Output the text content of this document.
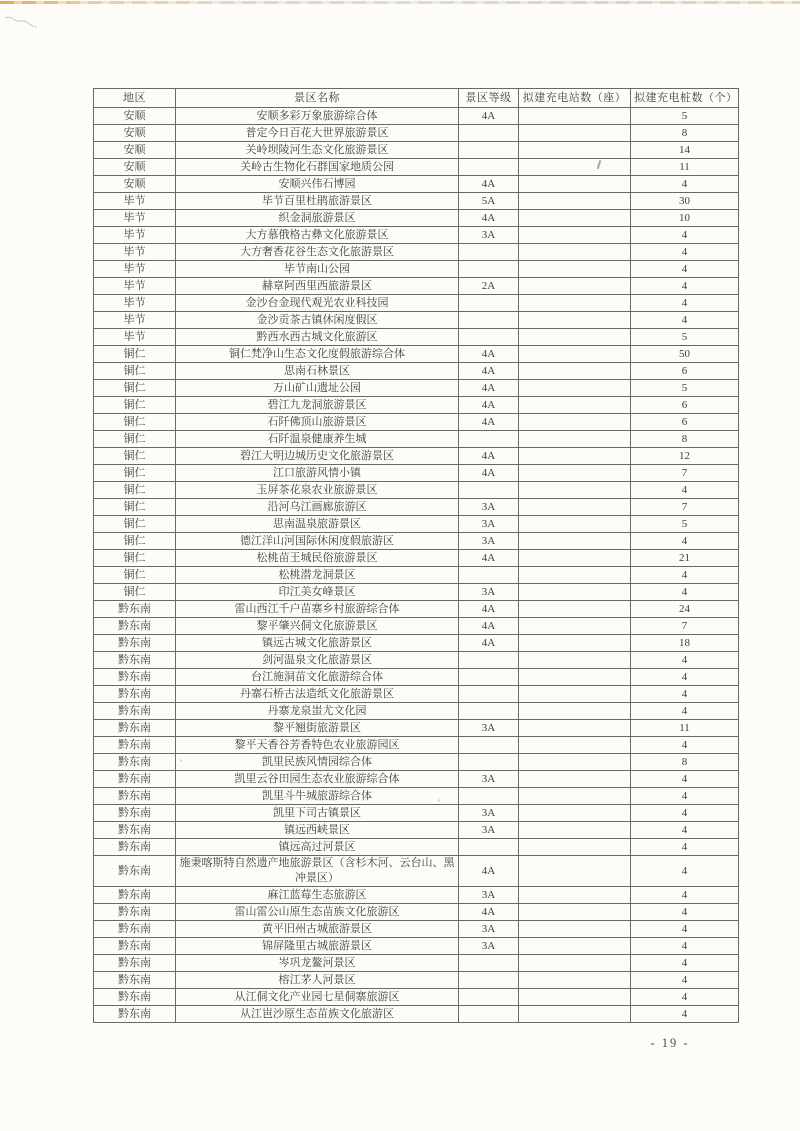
地区	景区名称	景区等级	拟建充电站数（座）	拟建充电桩数（个）
安顺	安顺多彩万象旅游综合体	4A		5
安顺	普定今日百花大世界旅游景区			8
安顺	关岭坝陵河生态文化旅游景区			14
安顺	关岭古生物化石群国家地质公园			11
安顺	安顺兴伟石博园	4A		4
毕节	毕节百里杜鹃旅游景区	5A		30
毕节	织金洞旅游景区	4A		10
毕节	大方慕俄格古彝文化旅游景区	3A		4
毕节	大方奢香花谷生态文化旅游景区			4
毕节	毕节南山公园			4
毕节	赫章阿西里西旅游景区	2A		4
毕节	金沙台金现代观光农业科技园			4
毕节	金沙贡茶古镇休闲度假区			4
毕节	黔西水西古城文化旅游区			5
铜仁	铜仁梵净山生态文化度假旅游综合体	4A		50
铜仁	思南石林景区	4A		6
铜仁	万山矿山遗址公园	4A		5
铜仁	碧江九龙洞旅游景区	4A		6
铜仁	石阡佛顶山旅游景区	4A		6
铜仁	石阡温泉健康养生城			8
铜仁	碧江大明边城历史文化旅游景区	4A		12
铜仁	江口旅游风情小镇	4A		7
铜仁	玉屏茶花泉农业旅游景区			4
铜仁	沿河乌江画廊旅游区	3A		7
铜仁	思南温泉旅游景区	3A		5
铜仁	德江洋山河国际休闲度假旅游区	3A		4
铜仁	松桃苗王城民俗旅游景区	4A		21
铜仁	松桃潜龙洞景区			4
铜仁	印江美女峰景区	3A		4
黔东南	雷山西江千户苗寨乡村旅游综合体	4A		24
黔东南	黎平肇兴侗文化旅游景区	4A		7
黔东南	镇远古城文化旅游景区	4A		18
黔东南	剑河温泉文化旅游景区			4
黔东南	台江施洞苗文化旅游综合体			4
黔东南	丹寨石桥古法造纸文化旅游景区			4
黔东南	丹寨龙泉蚩尤文化园			4
黔东南	黎平翘街旅游景区	3A		11
黔东南	黎平天香谷芳香特色农业旅游园区			4
黔东南	凯里民族风情园综合体			8
黔东南	凯里云谷田园生态农业旅游综合体	3A		4
黔东南	凯里斗牛城旅游综合体			4
黔东南	凯里下司古镇景区	3A		4
黔东南	镇远西峡景区	3A		4
黔东南	镇远高过河景区			4
黔东南	施秉喀斯特自然遗产地旅游景区（含杉木河、云台山、黑冲景区）	4A		4
黔东南	麻江蓝莓生态旅游区	3A		4
黔东南	雷山雷公山原生态苗族文化旅游区	4A		4
黔东南	黄平旧州古城旅游景区	3A		4
黔东南	锦屏隆里古城旅游景区	3A		4
黔东南	岑巩龙鳌河景区			4
黔东南	榕江茅人河景区			4
黔东南	从江侗文化产业园七星侗寨旅游区			4
黔东南	从江岜沙原生态苗族文化旅游区			4
- 19 -
